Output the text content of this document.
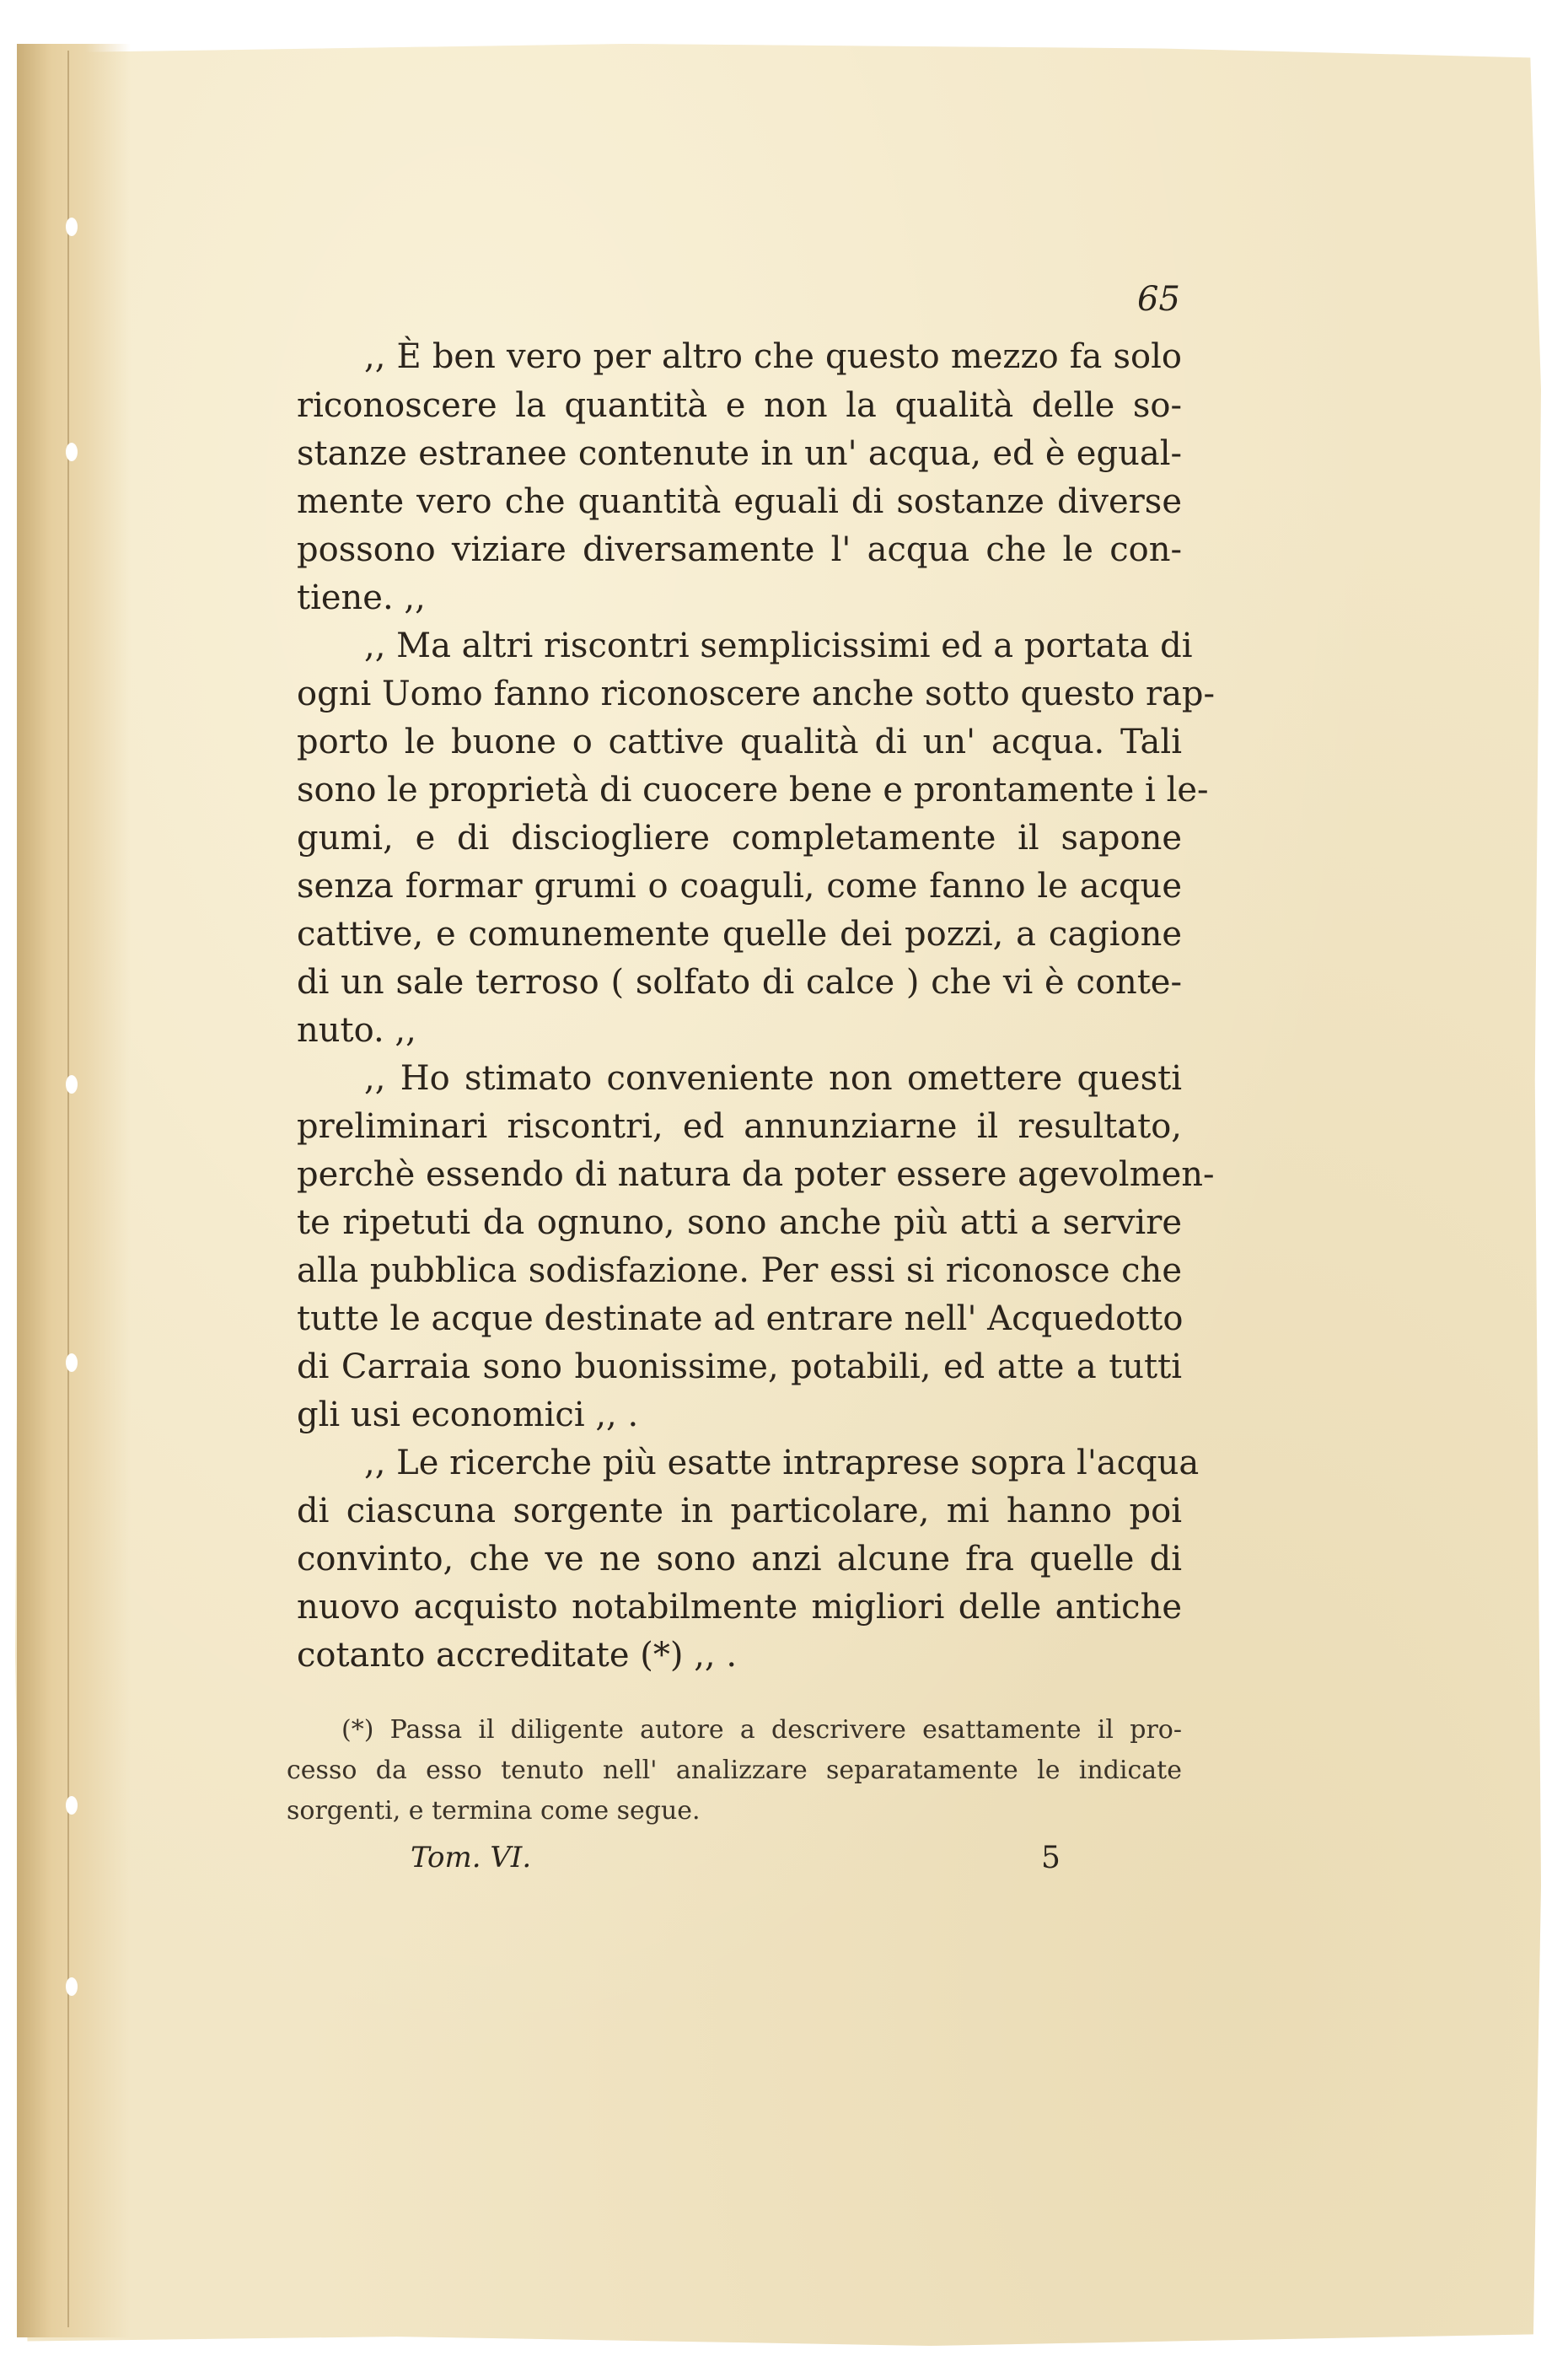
65
,, È ben vero per altro che questo mezzo fa solo
riconoscere la quantità e non la qualità delle so-
stanze estranee contenute in un' acqua, ed è egual-
mente vero che quantità eguali di sostanze diverse
possono viziare diversamente l' acqua che le con-
tiene. ,,
,, Ma altri riscontri semplicissimi ed a portata di
ogni Uomo fanno riconoscere anche sotto questo rap-
porto le buone o cattive qualità di un' acqua. Tali
sono le proprietà di cuocere bene e prontamente i le-
gumi, e di disciogliere completamente il sapone
senza formar grumi o coaguli, come fanno le acque
cattive, e comunemente quelle dei pozzi, a cagione
di un sale terroso ( solfato di calce ) che vi è conte-
nuto. ,,
,, Ho stimato conveniente non omettere questi
preliminari riscontri, ed annunziarne il resultato,
perchè essendo di natura da poter essere agevolmen-
te ripetuti da ognuno, sono anche più atti a servire
alla pubblica sodisfazione. Per essi si riconosce che
tutte le acque destinate ad entrare nell' Acquedotto
di Carraia sono buonissime, potabili, ed atte a tutti
gli usi economici ,, .
,, Le ricerche più esatte intraprese sopra l'acqua
di ciascuna sorgente in particolare, mi hanno poi
convinto, che ve ne sono anzi alcune fra quelle di
nuovo acquisto notabilmente migliori delle antiche
cotanto accreditate (*) ,, .
(*) Passa il diligente autore a descrivere esattamente il pro-
cesso da esso tenuto nell' analizzare separatamente le indicate
sorgenti, e termina come segue.
Tom. VI.	5
